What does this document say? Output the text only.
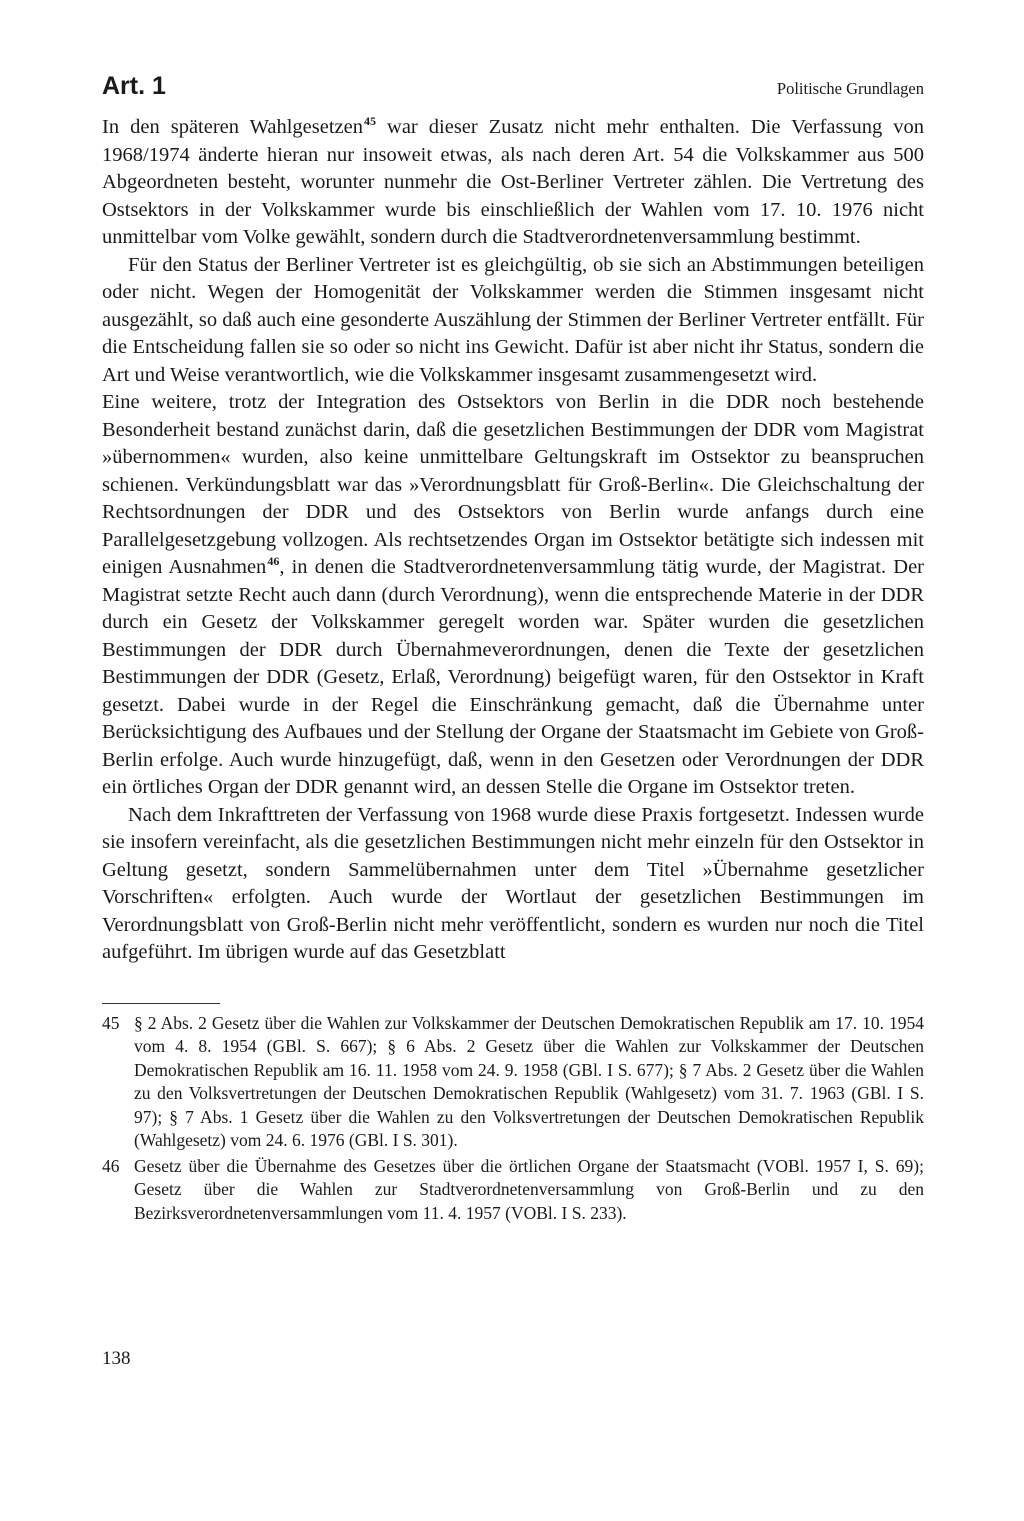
Art. 1	Politische Grundlagen

In den späteren Wahlgesetzen$^{45}$ war dieser Zusatz nicht mehr enthalten. Die Verfassung von 1968/1974 änderte hieran nur insoweit etwas, als nach deren Art. 54 die Volkskammer aus 500 Abgeordneten besteht, worunter nunmehr die Ost-Berliner Vertreter zählen. Die Vertretung des Ostsektors in der Volkskammer wurde bis einschließlich der Wahlen vom 17. 10. 1976 nicht unmittelbar vom Volke gewählt, sondern durch die Stadtverordnetenversammlung bestimmt.

Für den Status der Berliner Vertreter ist es gleichgültig, ob sie sich an Abstimmungen beteiligen oder nicht. Wegen der Homogenität der Volkskammer werden die Stimmen insgesamt nicht ausgezählt, so daß auch eine gesonderte Auszählung der Stimmen der Berliner Vertreter entfällt. Für die Entscheidung fallen sie so oder so nicht ins Gewicht. Dafür ist aber nicht ihr Status, sondern die Art und Weise verantwortlich, wie die Volkskammer insgesamt zusammengesetzt wird.

Eine weitere, trotz der Integration des Ostsektors von Berlin in die DDR noch bestehende Besonderheit bestand zunächst darin, daß die gesetzlichen Bestimmungen der DDR vom Magistrat »übernommen« wurden, also keine unmittelbare Geltungskraft im Ostsektor zu beanspruchen schienen. Verkündungsblatt war das »Verordnungsblatt für Groß-Berlin«. Die Gleichschaltung der Rechtsordnungen der DDR und des Ostsektors von Berlin wurde anfangs durch eine Parallelgesetzgebung vollzogen. Als rechtsetzendes Organ im Ostsektor betätigte sich indessen mit einigen Ausnahmen$^{46}$, in denen die Stadtverordnetenversammlung tätig wurde, der Magistrat. Der Magistrat setzte Recht auch dann (durch Verordnung), wenn die entsprechende Materie in der DDR durch ein Gesetz der Volkskammer geregelt worden war. Später wurden die gesetzlichen Bestimmungen der DDR durch Übernahmeverordnungen, denen die Texte der gesetzlichen Bestimmungen der DDR (Gesetz, Erlaß, Verordnung) beigefügt waren, für den Ostsektor in Kraft gesetzt. Dabei wurde in der Regel die Einschränkung gemacht, daß die Übernahme unter Berücksichtigung des Aufbaues und der Stellung der Organe der Staatsmacht im Gebiete von Groß-Berlin erfolge. Auch wurde hinzugefügt, daß, wenn in den Gesetzen oder Verordnungen der DDR ein örtliches Organ der DDR genannt wird, an dessen Stelle die Organe im Ostsektor treten.

Nach dem Inkrafttreten der Verfassung von 1968 wurde diese Praxis fortgesetzt. Indessen wurde sie insofern vereinfacht, als die gesetzlichen Bestimmungen nicht mehr einzeln für den Ostsektor in Geltung gesetzt, sondern Sammelübernahmen unter dem Titel »Übernahme gesetzlicher Vorschriften« erfolgten. Auch wurde der Wortlaut der gesetzlichen Bestimmungen im Verordnungsblatt von Groß-Berlin nicht mehr veröffentlicht, sondern es wurden nur noch die Titel aufgeführt. Im übrigen wurde auf das Gesetzblatt

45 § 2 Abs. 2 Gesetz über die Wahlen zur Volkskammer der Deutschen Demokratischen Republik am 17. 10. 1954 vom 4. 8. 1954 (GBl. S. 667); § 6 Abs. 2 Gesetz über die Wahlen zur Volkskammer der Deutschen Demokratischen Republik am 16. 11. 1958 vom 24. 9. 1958 (GBl. I S. 677); § 7 Abs. 2 Gesetz über die Wahlen zu den Volksvertretungen der Deutschen Demokratischen Republik (Wahlgesetz) vom 31. 7. 1963 (GBl. I S. 97); § 7 Abs. 1 Gesetz über die Wahlen zu den Volksvertretungen der Deutschen Demokratischen Republik (Wahlgesetz) vom 24. 6. 1976 (GBl. I S. 301).
46 Gesetz über die Übernahme des Gesetzes über die örtlichen Organe der Staatsmacht (VOBl. 1957 I, S. 69); Gesetz über die Wahlen zur Stadtverordnetenversammlung von Groß-Berlin und zu den Bezirksverordnetenversammlungen vom 11. 4. 1957 (VOBl. I S. 233).
138
